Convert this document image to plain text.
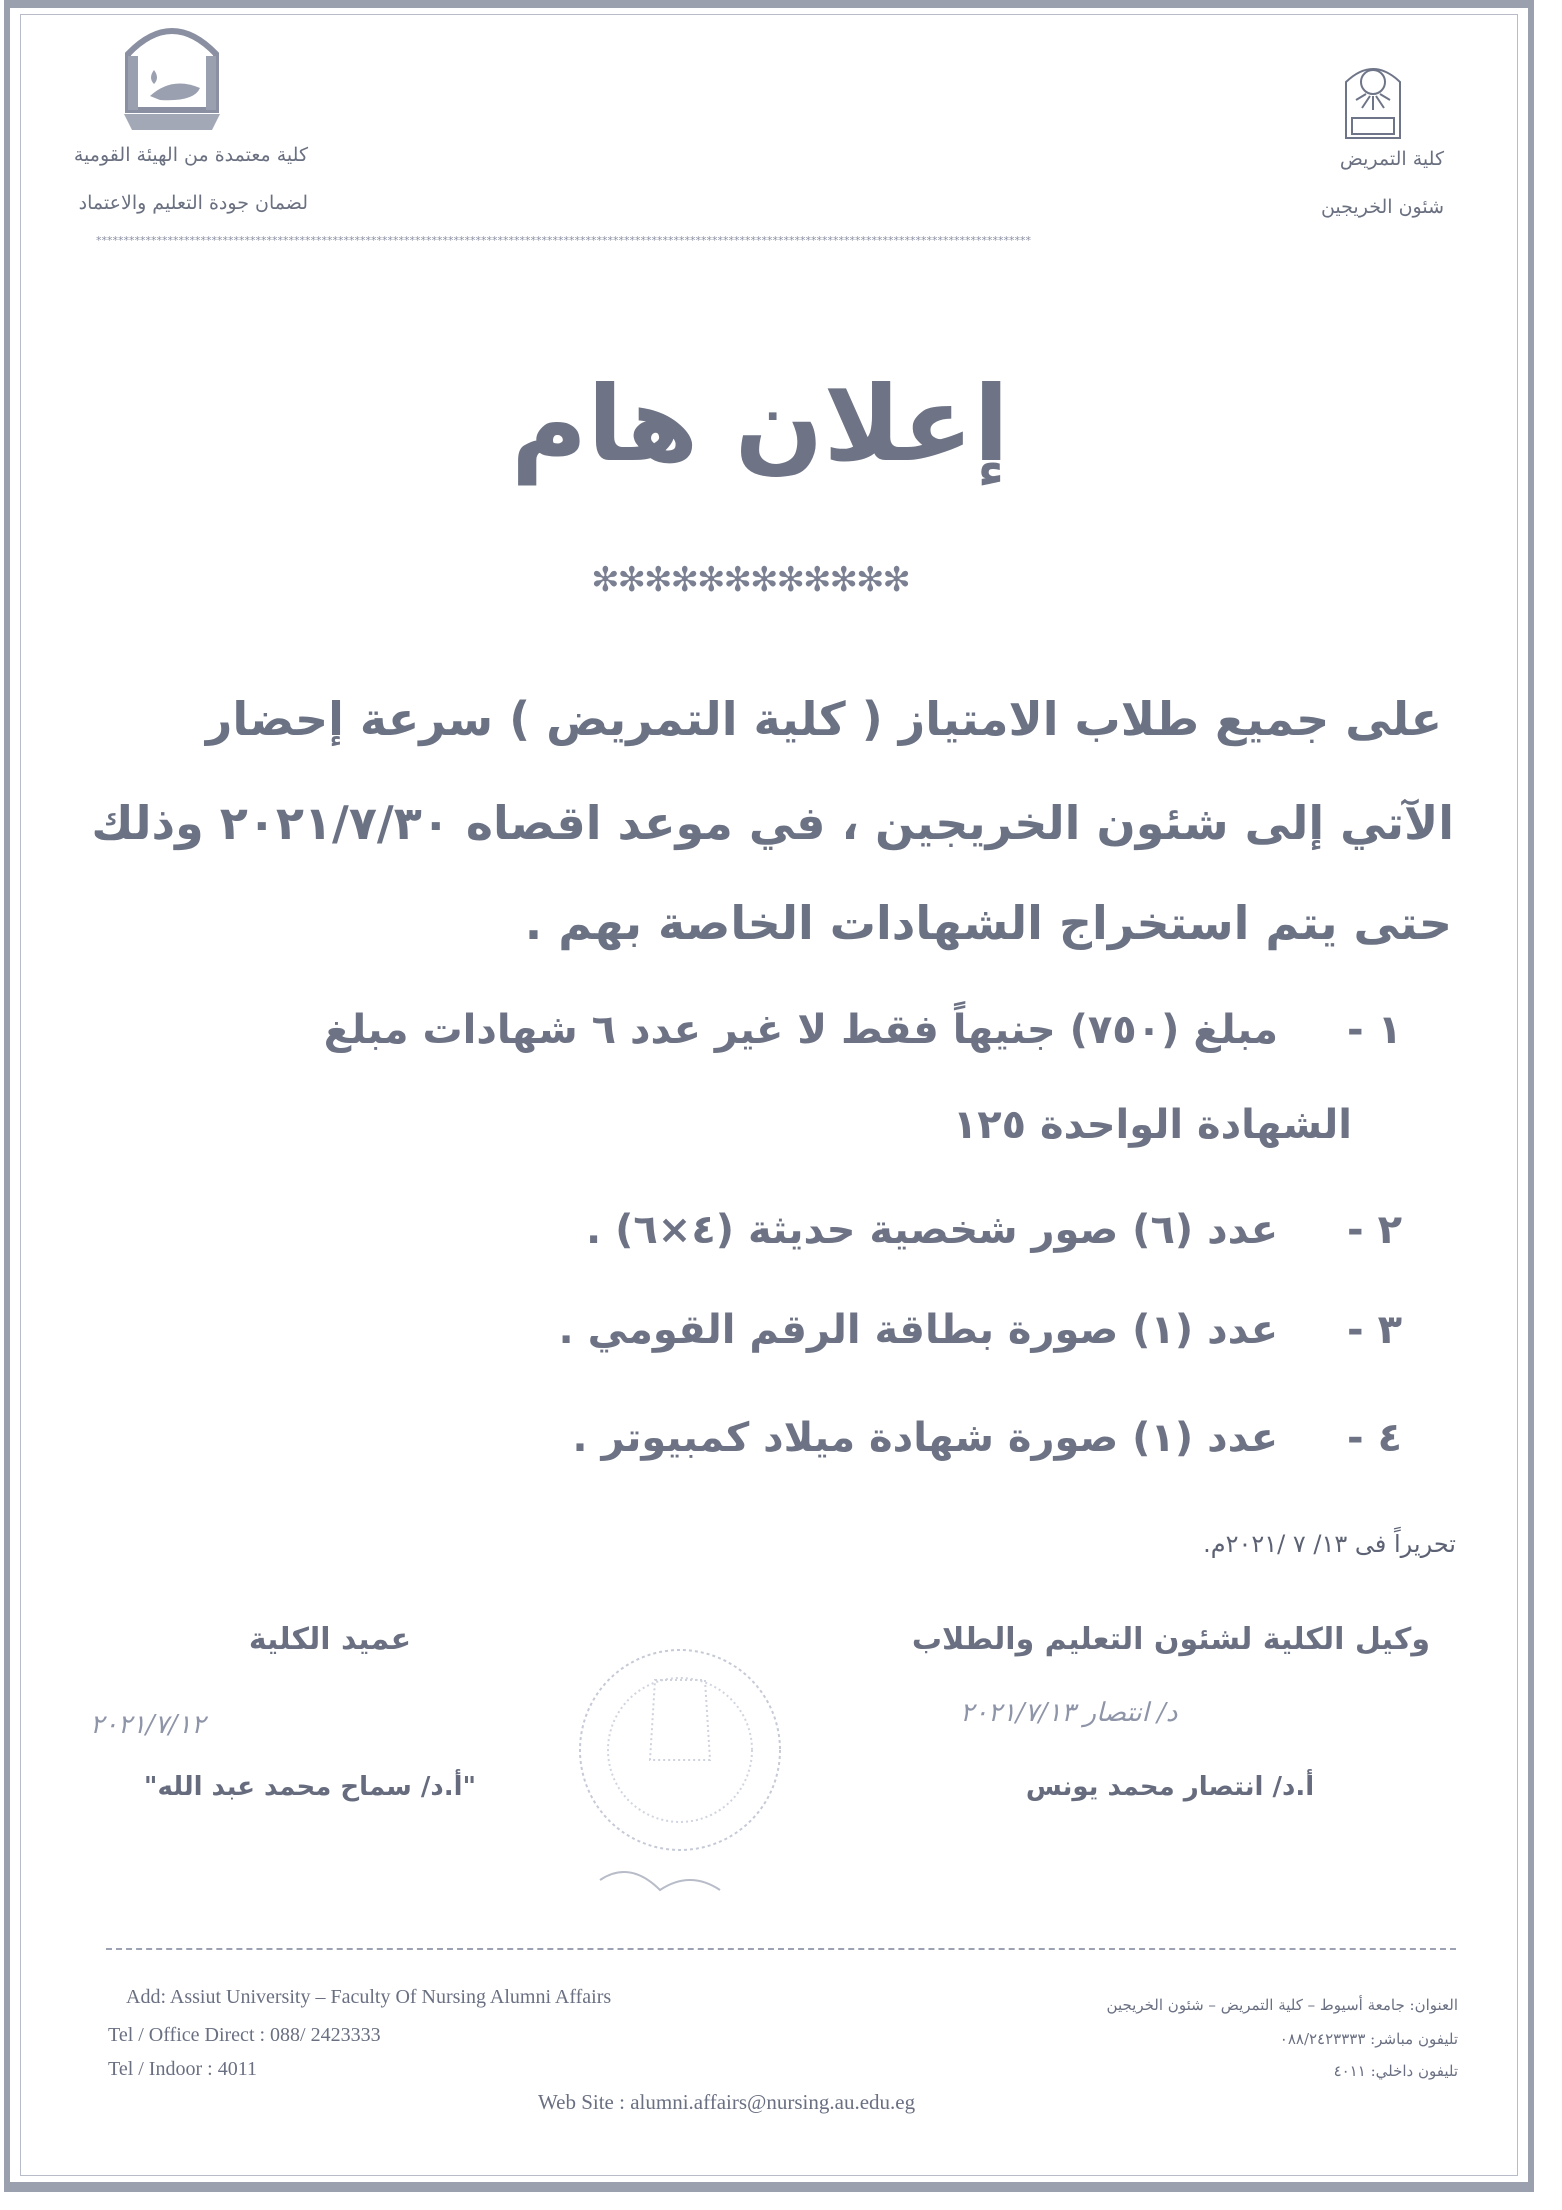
كلية معتمدة من الهيئة القومية
لضمان جودة التعليم والاعتماد
كلية التمريض
شئون الخريجين
**************************************************************************************************************************************************************************
إعلان هام
✻✻✻✻✻✻✻✻✻✻✻✻
على جميع طلاب الامتياز ( كلية التمريض ) سرعة إحضار
الآتي إلى شئون الخريجين ، في موعد اقصاه ٢٠٢١/٧/٣٠ وذلك
حتى يتم استخراج الشهادات الخاصة بهم .
١ - مبلغ (٧٥٠) جنيهاً فقط لا غير عدد ٦ شهادات مبلغ
الشهادة الواحدة ١٢٥
٢ - عدد (٦) صور شخصية حديثة (٤×٦) .
٣ - عدد (١) صورة بطاقة الرقم القومي .
٤ - عدد (١) صورة شهادة ميلاد كمبيوتر .
تحريراً فى ١٣/ ٧ /٢٠٢١م.
عميد الكلية
٢٠٢١/٧/١٢
"أ.د/ سماح محمد عبد الله"
وكيل الكلية لشئون التعليم والطلاب
د/ انتصار ٢٠٢١/٧/١٣
أ.د/ انتصار محمد يونس
Add: Assiut University – Faculty Of Nursing Alumni Affairs
Tel / Office Direct : 088/ 2423333
Tel / Indoor : 4011
Web Site : alumni.affairs@nursing.au.edu.eg
العنوان: جامعة أسيوط – كلية التمريض – شئون الخريجين
تليفون مباشر: ٠٨٨/٢٤٢٣٣٣٣
تليفون داخلي: ٤٠١١
